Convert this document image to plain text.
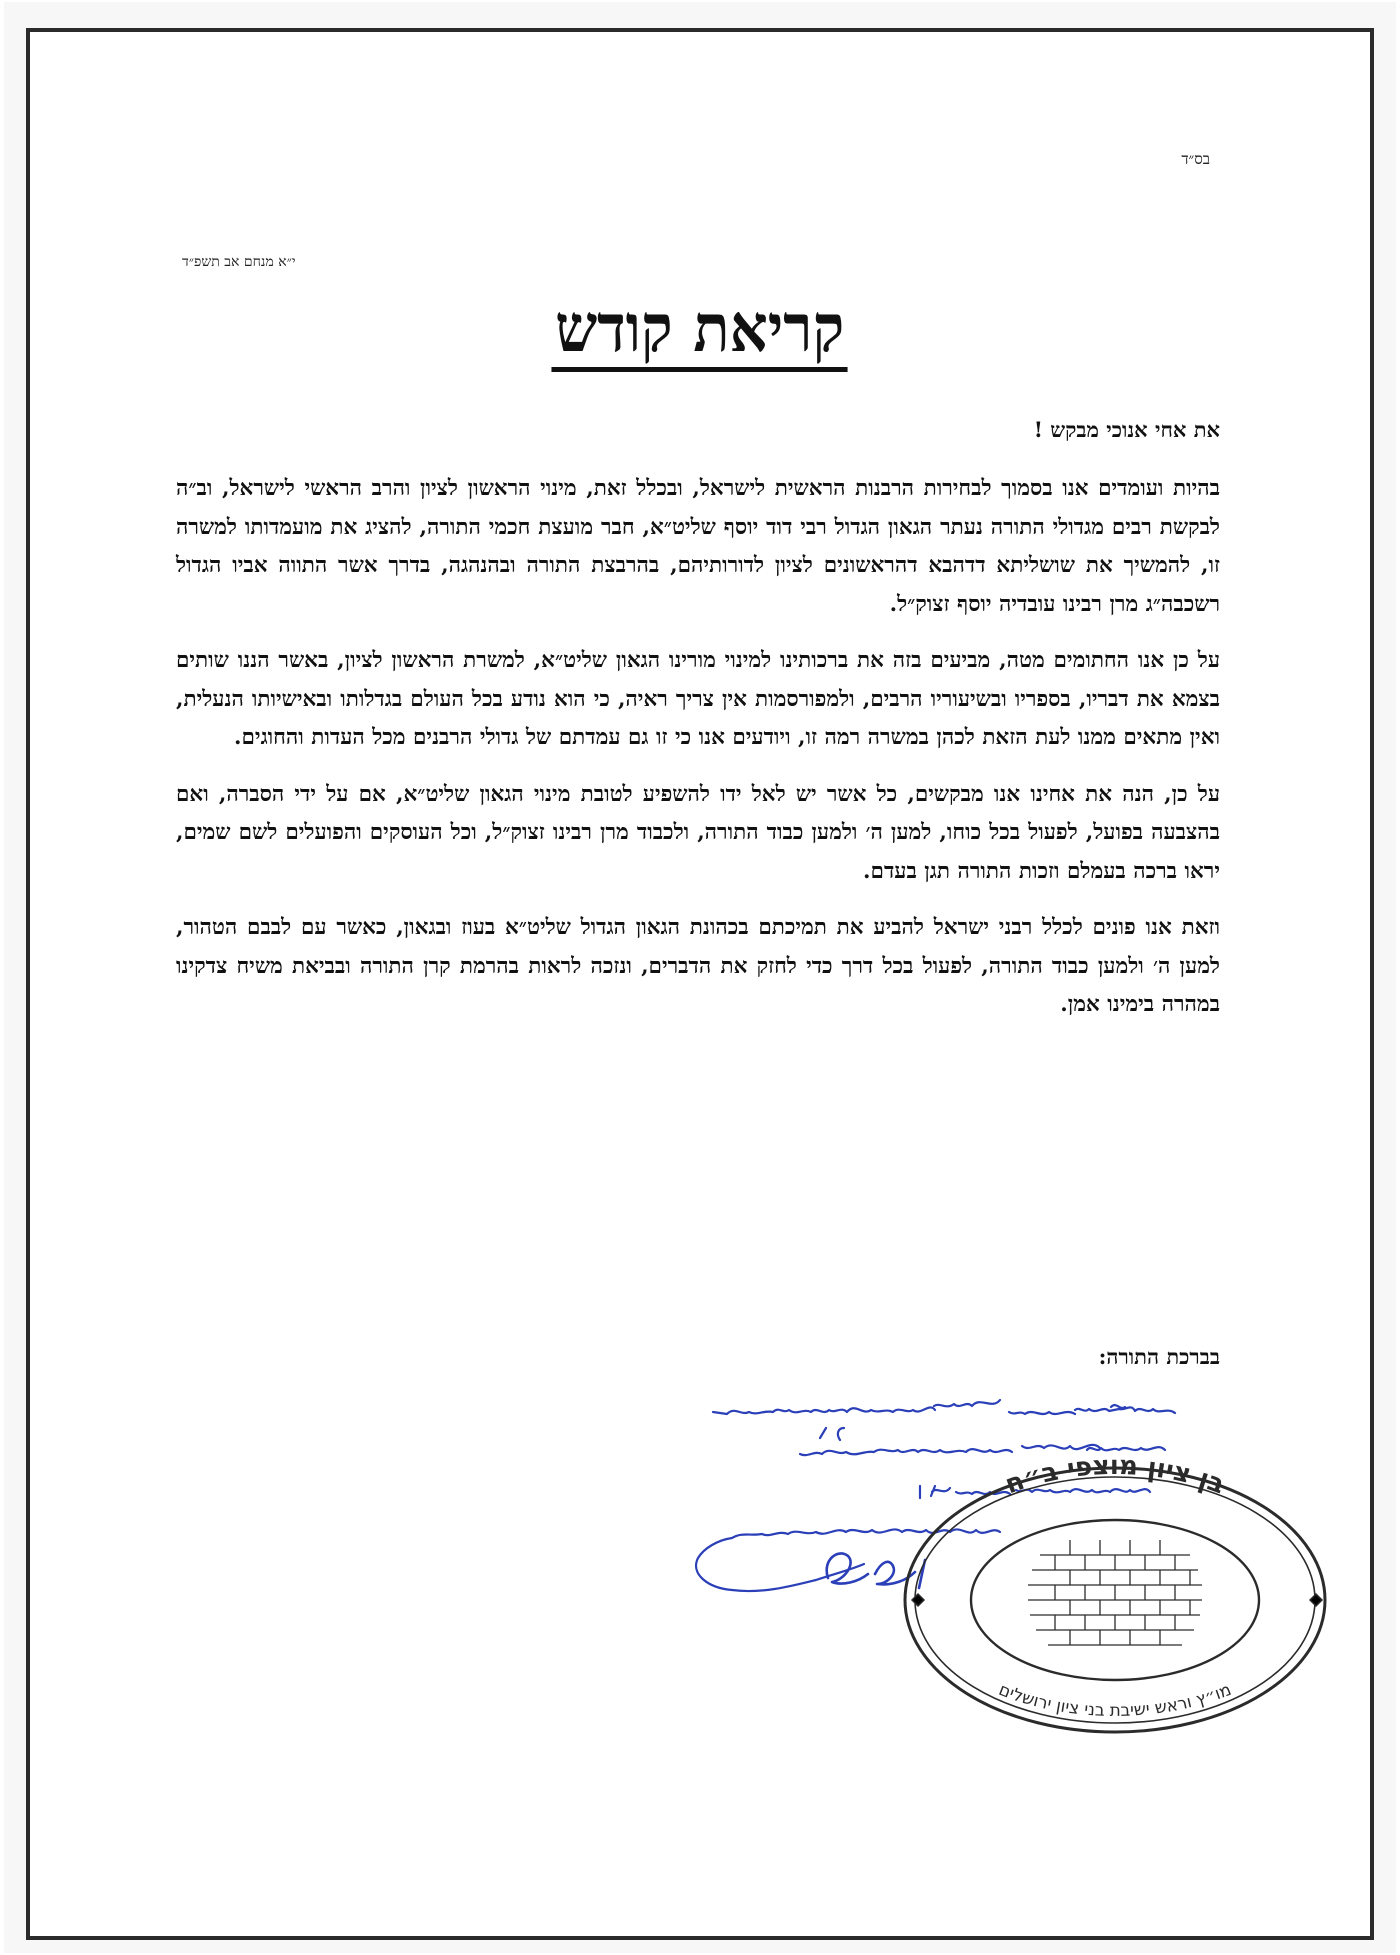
בס״ד
י״א מנחם אב תשפ״ד
קריאת קודש
את אחי אנוכי מבקש !

בהיות ועומדים אנו בסמוך לבחירות הרבנות הראשית לישראל, ובכלל זאת, מינוי הראשון לציון והרב הראשי לישראל, וב״ה לבקשת רבים מגדולי התורה נעתר הגאון הגדול רבי דוד יוסף שליט״א, חבר מועצת חכמי התורה, להציג את מועמדותו למשרה זו, להמשיך את שושליתא דדהבא דהראשונים לציון לדורותיהם, בהרבצת התורה ובהנהגה, בדרך אשר התווה אביו הגדול רשכבה״ג מרן רבינו עובדיה יוסף זצוק״ל.

על כן אנו החתומים מטה, מביעים בזה את ברכותינו למינוי מורינו הגאון שליט״א, למשרת הראשון לציון, באשר הננו שותים בצמא את דבריו, בספריו ובשיעוריו הרבים, ולמפורסמות אין צריך ראיה, כי הוא נודע בכל העולם בגדלותו ובאישיותו הנעלית, ואין מתאים ממנו לעת הזאת לכהן במשרה רמה זו, ויודעים אנו כי זו גם עמדתם של גדולי הרבנים מכל העדות והחוגים.

על כן, הנה את אחינו אנו מבקשים, כל אשר יש לאל ידו להשפיע לטובת מינוי הגאון שליט״א, אם על ידי הסברה, ואם בהצבעה בפועל, לפעול בכל כוחו, למען ה׳ ולמען כבוד התורה, ולכבוד מרן רבינו זצוק״ל, וכל העוסקים והפועלים לשם שמים, יראו ברכה בעמלם וזכות התורה תגן בעדם.

וזאת אנו פונים לכלל רבני ישראל להביע את תמיכתם בכהונת הגאון הגדול שליט״א בעוז ובגאון, כאשר עם לבבם הטהור, למען ה׳ ולמען כבוד התורה, לפעול בכל דרך כדי לחזק את הדברים, ונזכה לראות בהרמת קרן התורה ובביאת משיח צדקינו במהרה בימינו אמן.

בברכת התורה:
בן ציון מוצפי ב״ח
מו״ץ וראש ישיבת בני ציון ירושלים
